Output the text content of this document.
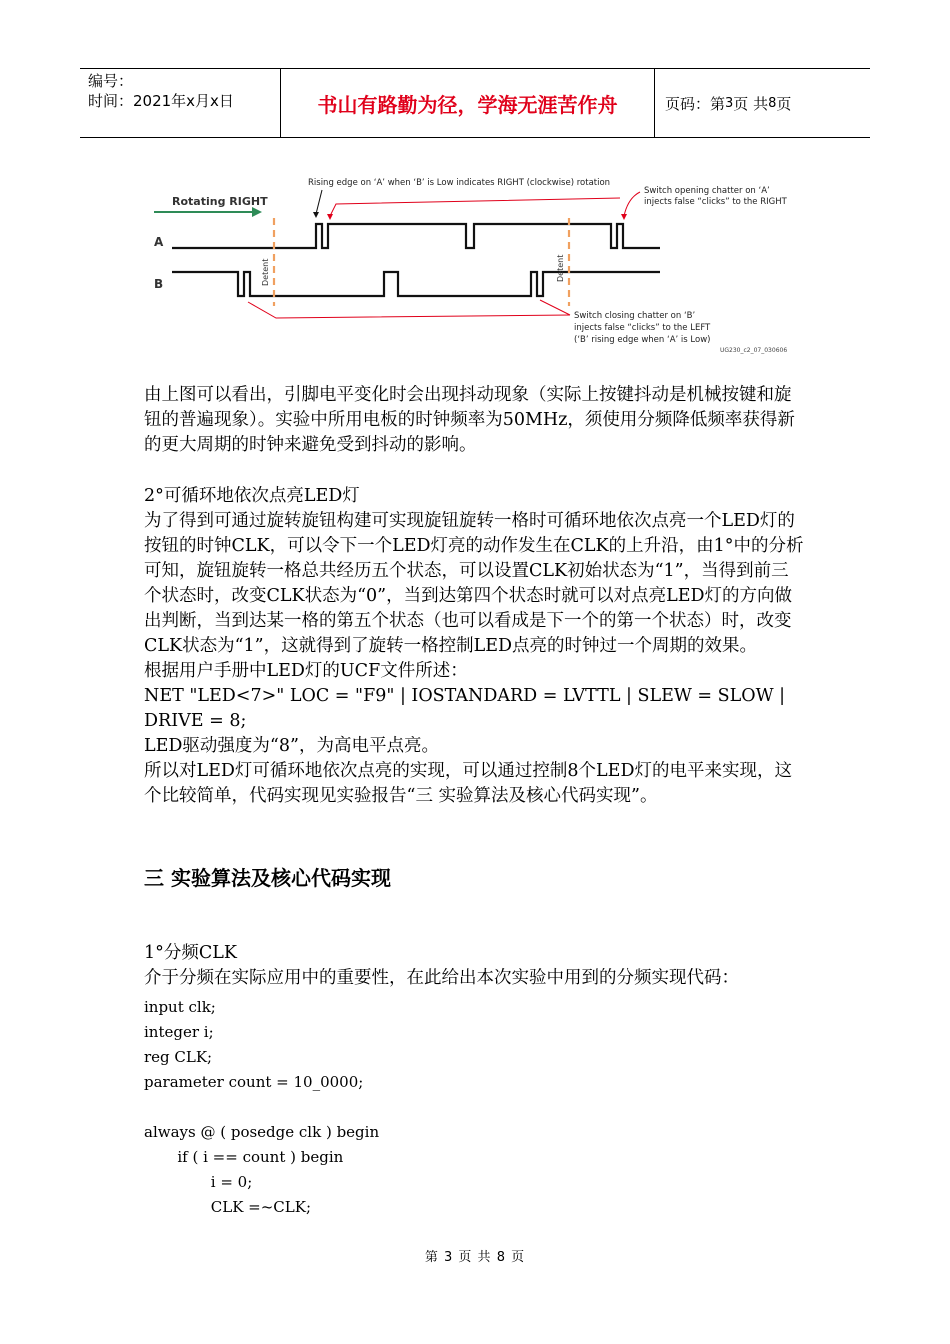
编号：
时间：2021年x月x日	书山有路勤为径，学海无涯苦作舟	页码：第 3 页 共 8 页
Rotating RIGHT
A
B	Detent	Detent
Rising edge on ‘A’ when ‘B’ is Low indicates RIGHT (clockwise) rotation
Switch opening chatter on ‘A’
injects false “clicks” to the RIGHT
Switch closing chatter on ‘B’
injects false “clicks” to the LEFT
(‘B’ rising edge when ‘A’ is Low)
UG230_c2_07_030606

由上图可以看出，引脚电平变化时会出现抖动现象（实际上按键抖动是机械按键和旋钮的普遍现象）。实验中所用电板的时钟频率为50MHz，须使用分频降低频率获得新的更大周期的时钟来避免受到抖动的影响。

2°可循环地依次点亮LED灯

为了得到可通过旋转旋钮构建可实现旋钮旋转一格时可循环地依次点亮一个LED灯的按钮的时钟CLK，可以令下一个LED灯亮的动作发生在CLK的上升沿，由1°中的分析可知，旋钮旋转一格总共经历五个状态，可以设置CLK初始状态为“1”，当得到前三个状态时，改变CLK状态为“0”，当到达第四个状态时就可以对点亮LED灯的方向做出判断，当到达某一格的第五个状态（也可以看成是下一个的第一个状态）时，改变CLK状态为“1”，这就得到了旋转一格控制LED点亮的时钟过一个周期的效果。

根据用户手册中LED灯的UCF文件所述：

NET "LED<7>" LOC = "F9" | IOSTANDARD = LVTTL | SLEW = SLOW | DRIVE = 8;

LED驱动强度为“8”，为高电平点亮。

所以对LED灯可循环地依次点亮的实现，可以通过控制8个LED灯的电平来实现，这个比较简单，代码实现见实验报告“三 实验算法及核心代码实现”。

三 实验算法及核心代码实现

1°分频CLK

介于分频在实际应用中的重要性，在此给出本次实验中用到的分频实现代码：

input clk;
integer i;
reg CLK;
parameter count = 10_0000;

always @ ( posedge clk ) begin
if ( i == count ) begin
i = 0;
CLK =~CLK;
第 3 页 共 8 页
